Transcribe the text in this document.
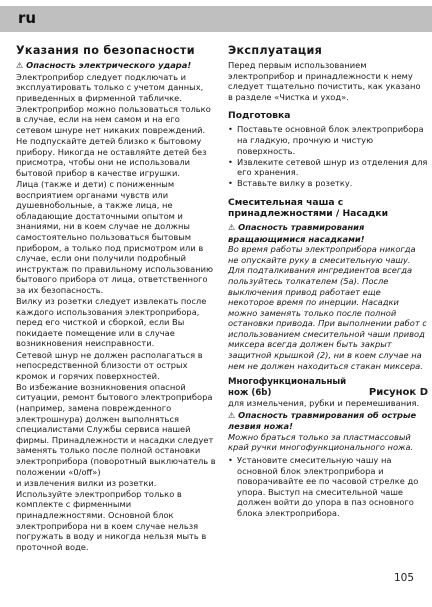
ru
Указания по безопасности

⚠ Опасность электрического удара!

Электроприбор следует подключать и эксплуатировать только с учетом данных, приведенных в фирменной табличке.

Электроприбор можно пользоваться только в случае, если на нем самом и на его сетевом шнуре нет никаких повреждений.

Не подпускайте детей близко к бытовому прибору. Никогда не оставляйте детей без присмотра, чтобы они не использовали бытовой прибор в качестве игрушки.

Лица (также и дети) с пониженным восприятием органами чувств или душевнобольные, а также лица, не обладающие достаточными опытом и знаниями, ни в коем случае не должны самостоятельно пользоваться бытовым прибором, а только под присмотром или в случае, если они получили подробный инструктаж по правильному использованию бытового прибора от лица, ответственного за их безопасность.

Вилку из розетки следует извлекать после каждого использования электроприбора, перед его чисткой и сборкой, если Вы покидаете помещение или в случае возникновения неисправности.

Сетевой шнур не должен располагаться в непосредственной близости от острых кромок и горячих поверхностей.

Во избежание возникновения опасной ситуации, ремонт бытового электроприбора (например, замена поврежденного электрошнура) должен выполняться специалистами Службы сервиса нашей фирмы. Принадлежности и насадки следует заменять только после полной остановки электроприбора (поворотный выключатель в положении «0/off»)

и извлечения вилки из розетки.

Используйте электроприбор только в комплекте с фирменными принадлежностями. Основной блок электроприбора ни в коем случае нельзя погружать в воду и никогда нельзя мыть в проточной воде.

Эксплуатация

Перед первым использованием электроприбор и принадлежности к нему следует тщательно почистить, как указано в разделе «Чистка и уход».

Подготовка
• Поставьте основной блок электроприбора на гладкую, прочную и чистую поверхность.
• Извлеките сетевой шнур из отделения для его хранения.
• Вставьте вилку в розетку.
Смесительная чаша с принадлежностями / Насадки

⚠ Опасность травмирования вращающимися насадками!

Во время работы электроприбора никогда не опускайте руку в смесительную чашу. Для подталкивания ингредиентов всегда пользуйтесь толкателем (5a). После выключения привод работает еще некоторое время по инерции. Насадки можно заменять только после полной остановки привода. При выполнении работ с использованием смесительной чаши привод миксера всегда должен быть закрыт защитной крышкой (2), ни в коем случае на нем не должен находиться стакан миксера.

Многофункциональный
нож (6b)	Рисунок D

для измельчения, рубки и перемешивания.

⚠ Опасность травмирования об острые лезвия ножа!

Можно браться только за пластмассовый край ручки многофункционального ножа.

• Установите смесительную чашу на основной блок электроприбора и поворачивайте ее по часовой стрелке до упора. Выступ на смесительной чаше должен войти до упора в паз основного блока электроприбора.
105
